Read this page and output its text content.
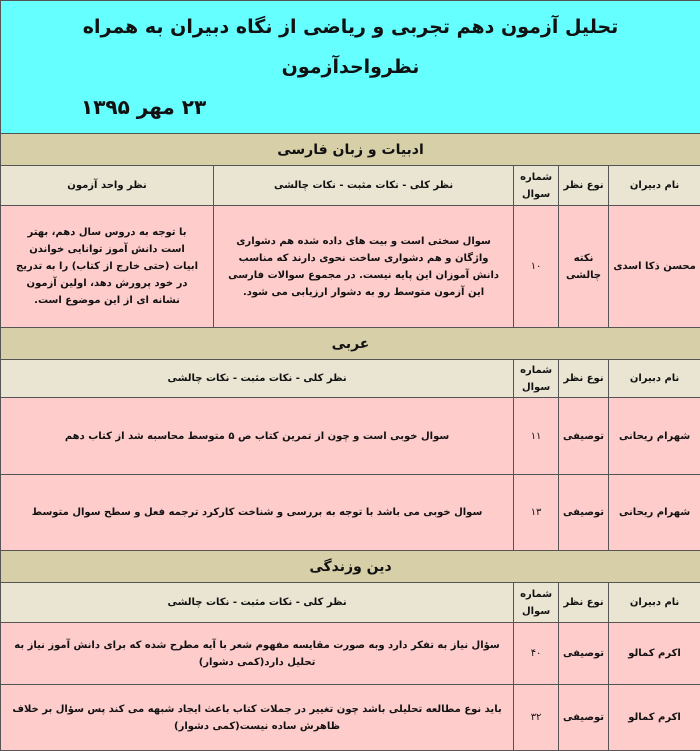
تحلیل آزمون دهم تجربی و ریاضی از نگاه دبیران به همراه نظرواحدآزمون
۲۳ مهر ۱۳۹۵				

ادبیات و زبان فارسی				
نام دبیران	نوع نظر	شماره سوال	نظر کلی - نکات مثبت - نکات چالشی	نظر واحد آزمون
محسن ذکا اسدی	نکته چالشی	۱۰	سوال سختی است و بیت های داده شده هم دشواری واژگان و هم دشواری ساخت نحوی دارند که مناسب دانش آموزان این پایه نیست. در مجموع سوالات فارسی این آزمون متوسط رو به دشوار ارزیابی می شود.	با توجه به دروس سال دهم، بهتر است دانش آموز توانایی خواندن ابیات (حتی خارج از کتاب) را به تدریج در خود پرورش دهد، اولین آزمون نشانه ای از این موضوع است.
عربی				
نام دبیران	نوع نظر	شماره سوال	نظر کلی - نکات مثبت - نکات چالشی	
شهرام ریحانی	توصیفی	۱۱	سوال خوبی است و چون از تمرین کتاب ص ۵ متوسط محاسبه شد از کتاب دهم	
شهرام ریحانی	توصیفی	۱۳	سوال خوبی می باشد با توجه به بررسی و شناخت کارکرد ترجمه فعل و سطح سوال متوسط	
دین وزندگی				
نام دبیران	نوع نظر	شماره سوال	نظر کلی - نکات مثبت - نکات چالشی	
اکرم کمالو	توصیفی	۴۰	سؤال نیاز به تفکر دارد وبه صورت مقایسه مفهوم شعر با آیه مطرح شده که برای دانش آموز نیاز به تحلیل دارد(کمی دشوار)	
اکرم کمالو	توصیفی	۳۲	باید نوع مطالعه تحلیلی باشد چون تغییر در جملات کتاب باعث ایجاد شبهه می کند پس سؤال بر خلاف ظاهرش ساده نیست(کمی دشوار)	
